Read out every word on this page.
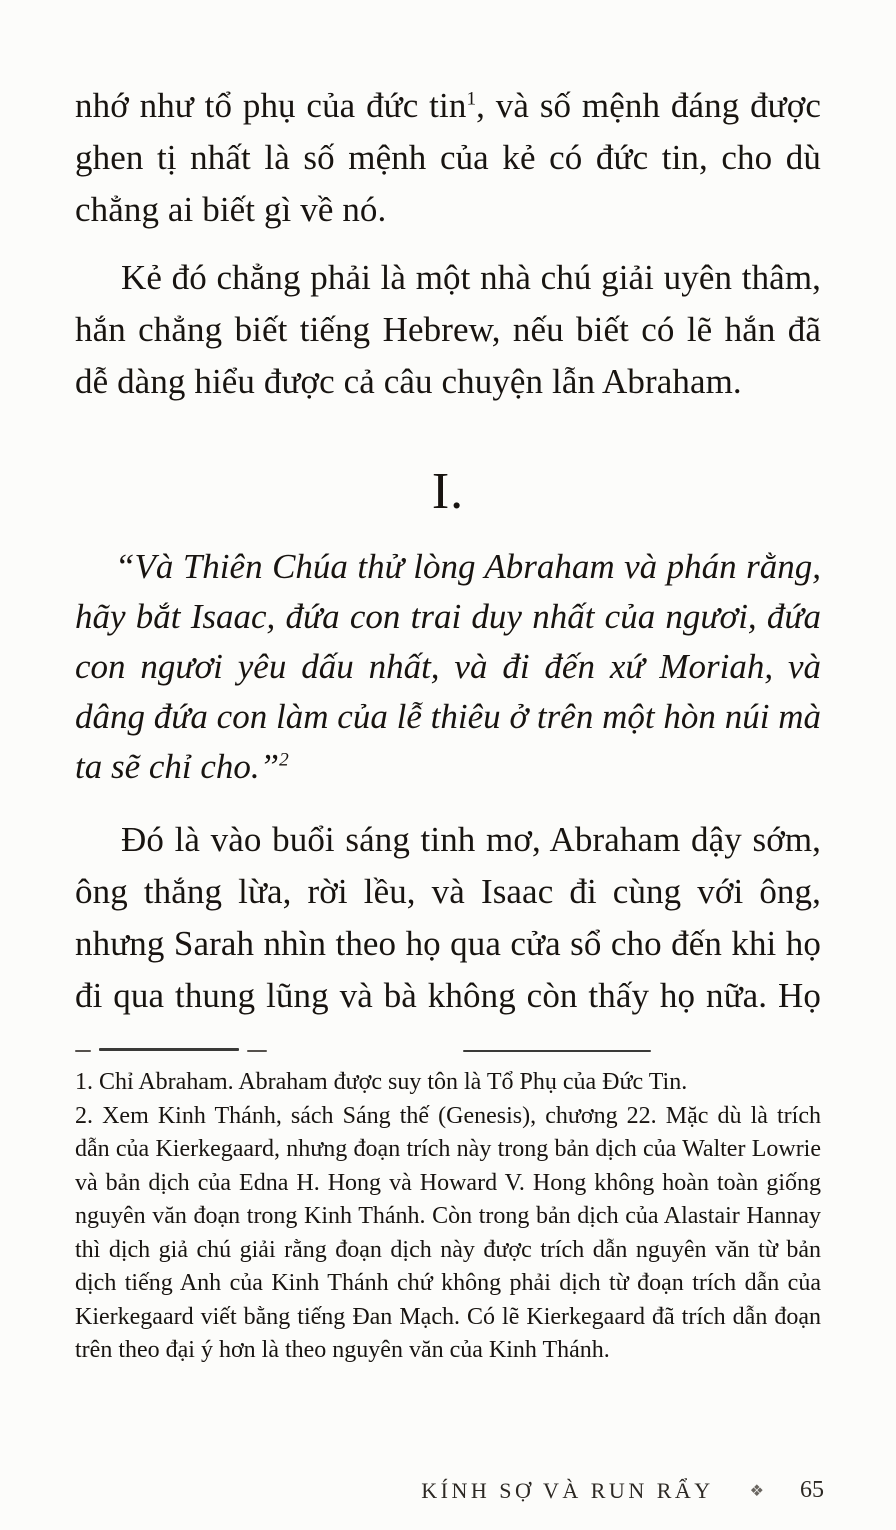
nhớ như tổ phụ của đức tin$^1$, và số mệnh đáng được ghen tị nhất là số mệnh của kẻ có đức tin, cho dù chẳng ai biết gì về nó.

Kẻ đó chẳng phải là một nhà chú giải uyên thâm, hắn chẳng biết tiếng Hebrew, nếu biết có lẽ hắn đã dễ dàng hiểu được cả câu chuyện lẫn Abraham.

I.

“Và Thiên Chúa thử lòng Abraham và phán rằng, hãy bắt Isaac, đứa con trai duy nhất của ngươi, đứa con ngươi yêu dấu nhất, và đi đến xứ Moriah, và dâng đứa con làm của lễ thiêu ở trên một hòn núi mà ta sẽ chỉ cho.”$^2$

Đó là vào buổi sáng tinh mơ, Abraham dậy sớm, ông thắng lừa, rời lều, và Isaac đi cùng với ông, nhưng Sarah nhìn theo họ qua cửa sổ cho đến khi họ đi qua thung lũng và bà không còn thấy họ nữa. Họ

1. Chỉ Abraham. Abraham được suy tôn là Tổ Phụ của Đức Tin.

2. Xem Kinh Thánh, sách Sáng thế (Genesis), chương 22. Mặc dù là trích dẫn của Kierkegaard, nhưng đoạn trích này trong bản dịch của Walter Lowrie và bản dịch của Edna H. Hong và Howard V. Hong không hoàn toàn giống nguyên văn đoạn trong Kinh Thánh. Còn trong bản dịch của Alastair Hannay thì dịch giả chú giải rằng đoạn dịch này được trích dẫn nguyên văn từ bản dịch tiếng Anh của Kinh Thánh chứ không phải dịch từ đoạn trích dẫn của Kierkegaard viết bằng tiếng Đan Mạch. Có lẽ Kierkegaard đã trích dẫn đoạn trên theo đại ý hơn là theo nguyên văn của Kinh Thánh.

KÍNH SỢ VÀ RUN RẨY ❖ 65
